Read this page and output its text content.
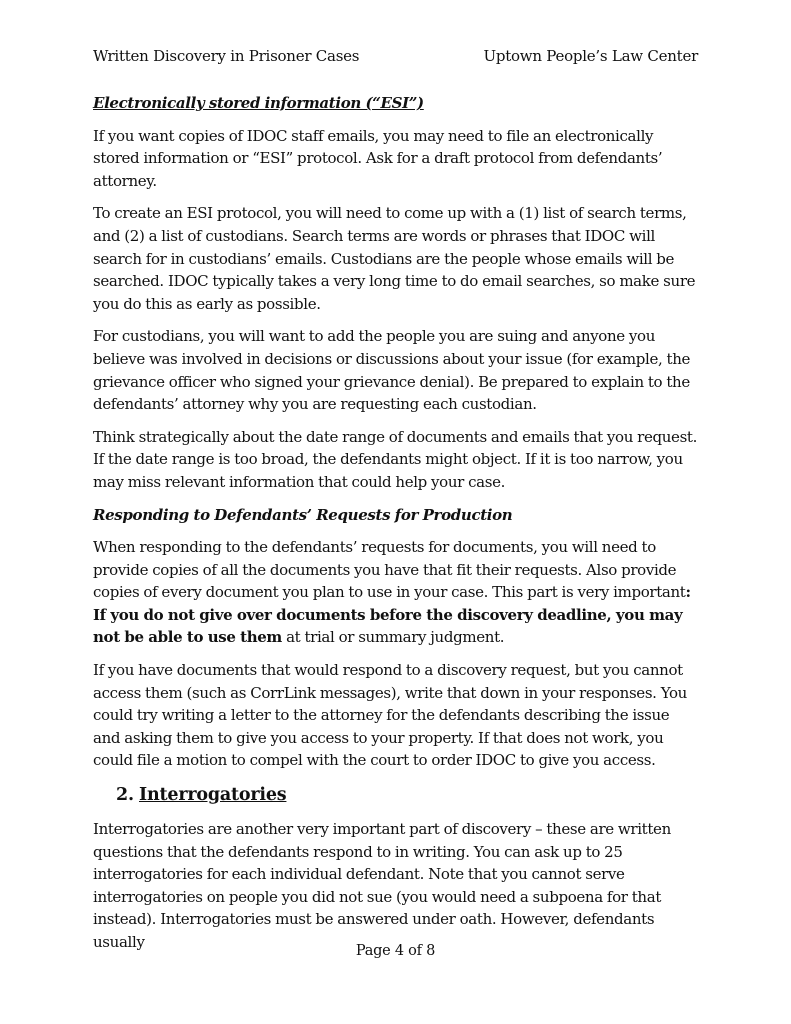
Written Discovery in Prisoner Cases	Uptown People’s Law Center

Electronically stored information (“ESI”)

If you want copies of IDOC staff emails, you may need to file an electronically stored information or “ESI” protocol. Ask for a draft protocol from defendants’ attorney.

To create an ESI protocol, you will need to come up with a (1) list of search terms, and (2) a list of custodians. Search terms are words or phrases that IDOC will search for in custodians’ emails. Custodians are the people whose emails will be searched. IDOC typically takes a very long time to do email searches, so make sure you do this as early as possible.

For custodians, you will want to add the people you are suing and anyone you believe was involved in decisions or discussions about your issue (for example, the grievance officer who signed your grievance denial). Be prepared to explain to the defendants’ attorney why you are requesting each custodian.

Think strategically about the date range of documents and emails that you request. If the date range is too broad, the defendants might object. If it is too narrow, you may miss relevant information that could help your case.

Responding to Defendants’ Requests for Production

When responding to the defendants’ requests for documents, you will need to provide copies of all the documents you have that fit their requests. Also provide copies of every document you plan to use in your case. This part is very important: If you do not give over documents before the discovery deadline, you may not be able to use them at trial or summary judgment.

If you have documents that would respond to a discovery request, but you cannot access them (such as CorrLink messages), write that down in your responses. You could try writing a letter to the attorney for the defendants describing the issue and asking them to give you access to your property. If that does not work, you could file a motion to compel with the court to order IDOC to give you access.

2. Interrogatories

Interrogatories are another very important part of discovery – these are written questions that the defendants respond to in writing. You can ask up to 25 interrogatories for each individual defendant. Note that you cannot serve interrogatories on people you did not sue (you would need a subpoena for that instead). Interrogatories must be answered under oath. However, defendants usually	Page 4 of 8
